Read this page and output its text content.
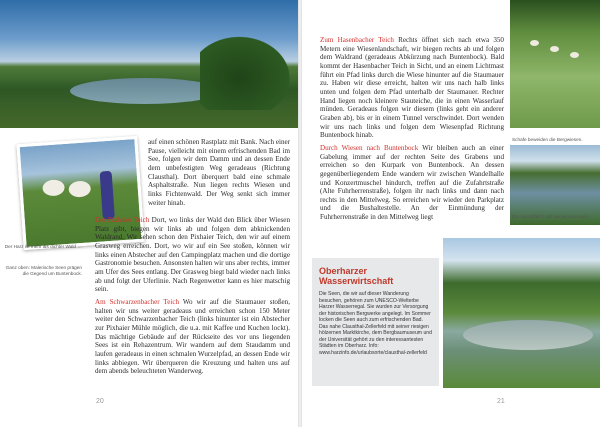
Der Harz ist mehr als dichter Wald …
Ganz oben: Malerische Seen prägen die Gegend um Buntenbock.

auf einen schönen Rastplatz mit Bank. Nach einer Pause, vielleicht mit einem erfrischenden Bad im See, folgen wir dem Damm und an dessen Ende dem unbefestigten Weg geradeaus (Richtung Clausthal). Dort überquert bald eine schmale Asphaltstraße. Nun liegen rechts Wiesen und links Fichtenwald. Der Weg senkt sich immer weiter hinab.

Der Pixhaier Teich Dort, wo links der Wald den Blick über Wiesen Platz gibt, biegen wir links ab und folgen dem abknickenden Waldrand. Wir sehen schon den Pixhaier Teich, den wir auf einem Grasweg erreichen. Dort, wo wir auf ein See stoßen, können wir links einen Abstecher auf den Campingplatz machen und die dortige Gastronomie besuchen. Ansonsten halten wir uns aber rechts, immer am Ufer des Sees entlang. Der Grasweg biegt bald wieder nach links ab und folgt der Uferlinie. Nach Regenwetter kann es hier matschig sein.

Am Schwarzenbacher Teich Wo wir auf die Staumauer stoßen, halten wir uns weiter geradeaus und erreichen schon 150 Meter weiter den Schwarzenbacher Teich (links hinunter ist ein Abstecher zur Pixhaier Mühle möglich, die u.a. mit Kaffee und Kuchen lockt). Das mächtige Gebäude auf der Rückseite des vor uns liegenden Sees ist ein Rehazentrum. Wir wandern auf dem Staudamm und laufen geradeaus in einen schmalen Wurzelpfad, an dessen Ende wir links abbiegen. Wir überqueren die Kreuzung und halten uns auf dem abends beleuchteten Wanderweg.

20
Schafe beweiden die Bergwiesen.

Zum Hasenbacher Teich Rechts öffnet sich nach etwa 350 Metern eine Wiesenlandschaft, wir biegen rechts ab und folgen dem Waldrand (geradeaus Abkürzung nach Buntenbock). Bald kommt der Hasenbacher Teich in Sicht, und an einem Lichtmast führt ein Pfad links durch die Wiese hinunter auf die Staumauer zu. Haben wir diese erreicht, halten wir uns nach halb links unten und folgen dem Pfad unterhalb der Staumauer. Rechter Hand liegen noch kleinere Stauteiche, die in einen Wasserlauf münden. Geradeaus folgen wir diesem (links geht ein anderer Graben ab), bis er in einem Tunnel verschwindet. Dort wenden wir uns nach links und folgen dem Wiesenpfad Richtung Buntenbock hinab.

Durch Wiesen nach Buntenbock Wir bleiben auch an einer Gabelung immer auf der rechten Seite des Grabens und erreichen so den Kurpark von Buntenbock. An dessen gegenüberliegendem Ende wandern wir zwischen Wandelhalle und Konzertmuschel hindurch, treffen auf die Zufahrtstraße (Alte Fuhrherrenstraße), folgen ihr nach links und dann nach rechts in den Mittelweg. So erreichen wir wieder den Parkplatz und die Bushaltestelle. An der Einmündung der Fuhrherrenstraße in den Mittelweg liegt	Der Sumpfteich mit seinen Seerosen
Oberharzer Wasserwirtschaft
Die Seen, die wir auf dieser Wanderung besuchen, gehören zum UNESCO-Welterbe Harzer Wasserregal. Sie wurden zur Versorgung der historischen Bergwerke angelegt. Im Sommer locken die Seen auch zum erfrischenden Bad. Das nahe Clausthal-Zellerfeld mit seiner riesigen hölzernen Marktkirche, dem Bergbaumuseum und der Universität gehört zu den interessantesten Städten im Oberharz. Info: www.harzinfo.de/urlaubsorte/clausthal-zellerfeld
21
